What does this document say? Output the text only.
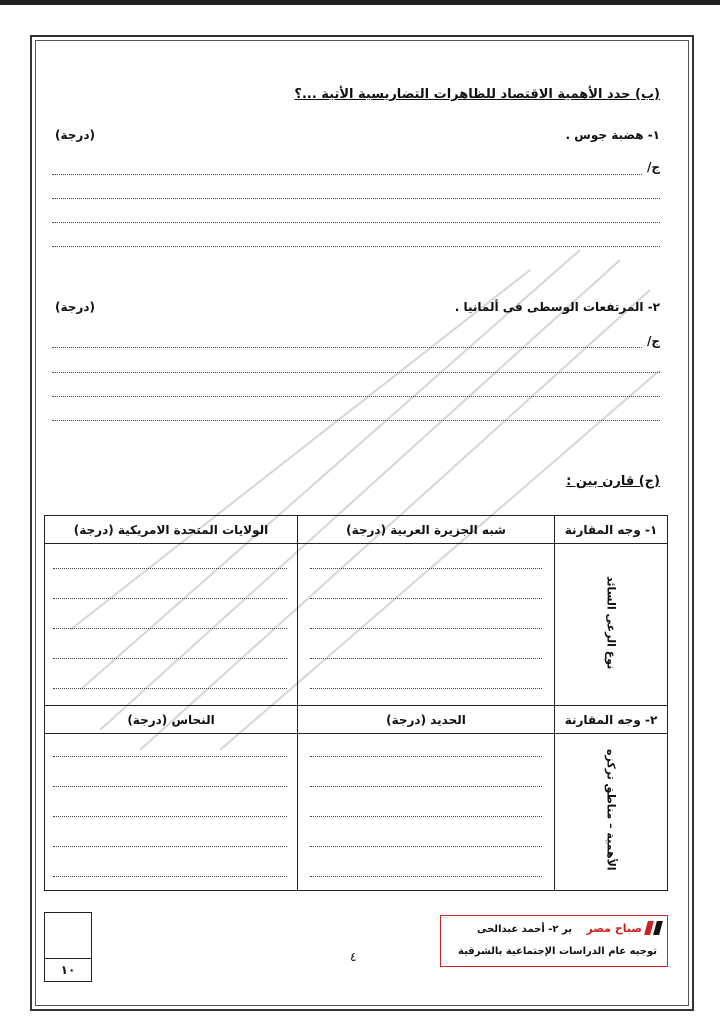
(ب) حدد الأهمية الاقتصاد للظاهرات التضاريسية الأتية ...؟
١- هضبة جوس .
(درجة)
ج/
٢- المرتفعات الوسطى فى ألمانيا .
(درجة)
ج/
(ج) قارن بين :
١- وجه المقارنة	شبه الجزيرة العربية (درجة)	الولايات المتحدة الامريكية (درجة)
نوع الرعى السائد	

٢- وجه المقارنة	الحديد (درجة)	النحاس (درجة)
الأهمية – مناطق تركزه	

١٠
٤
صباح مصر
ير ٢- أحمد عبدالحى
توجيه عام الدراسات الإجتماعية بالشرقية
